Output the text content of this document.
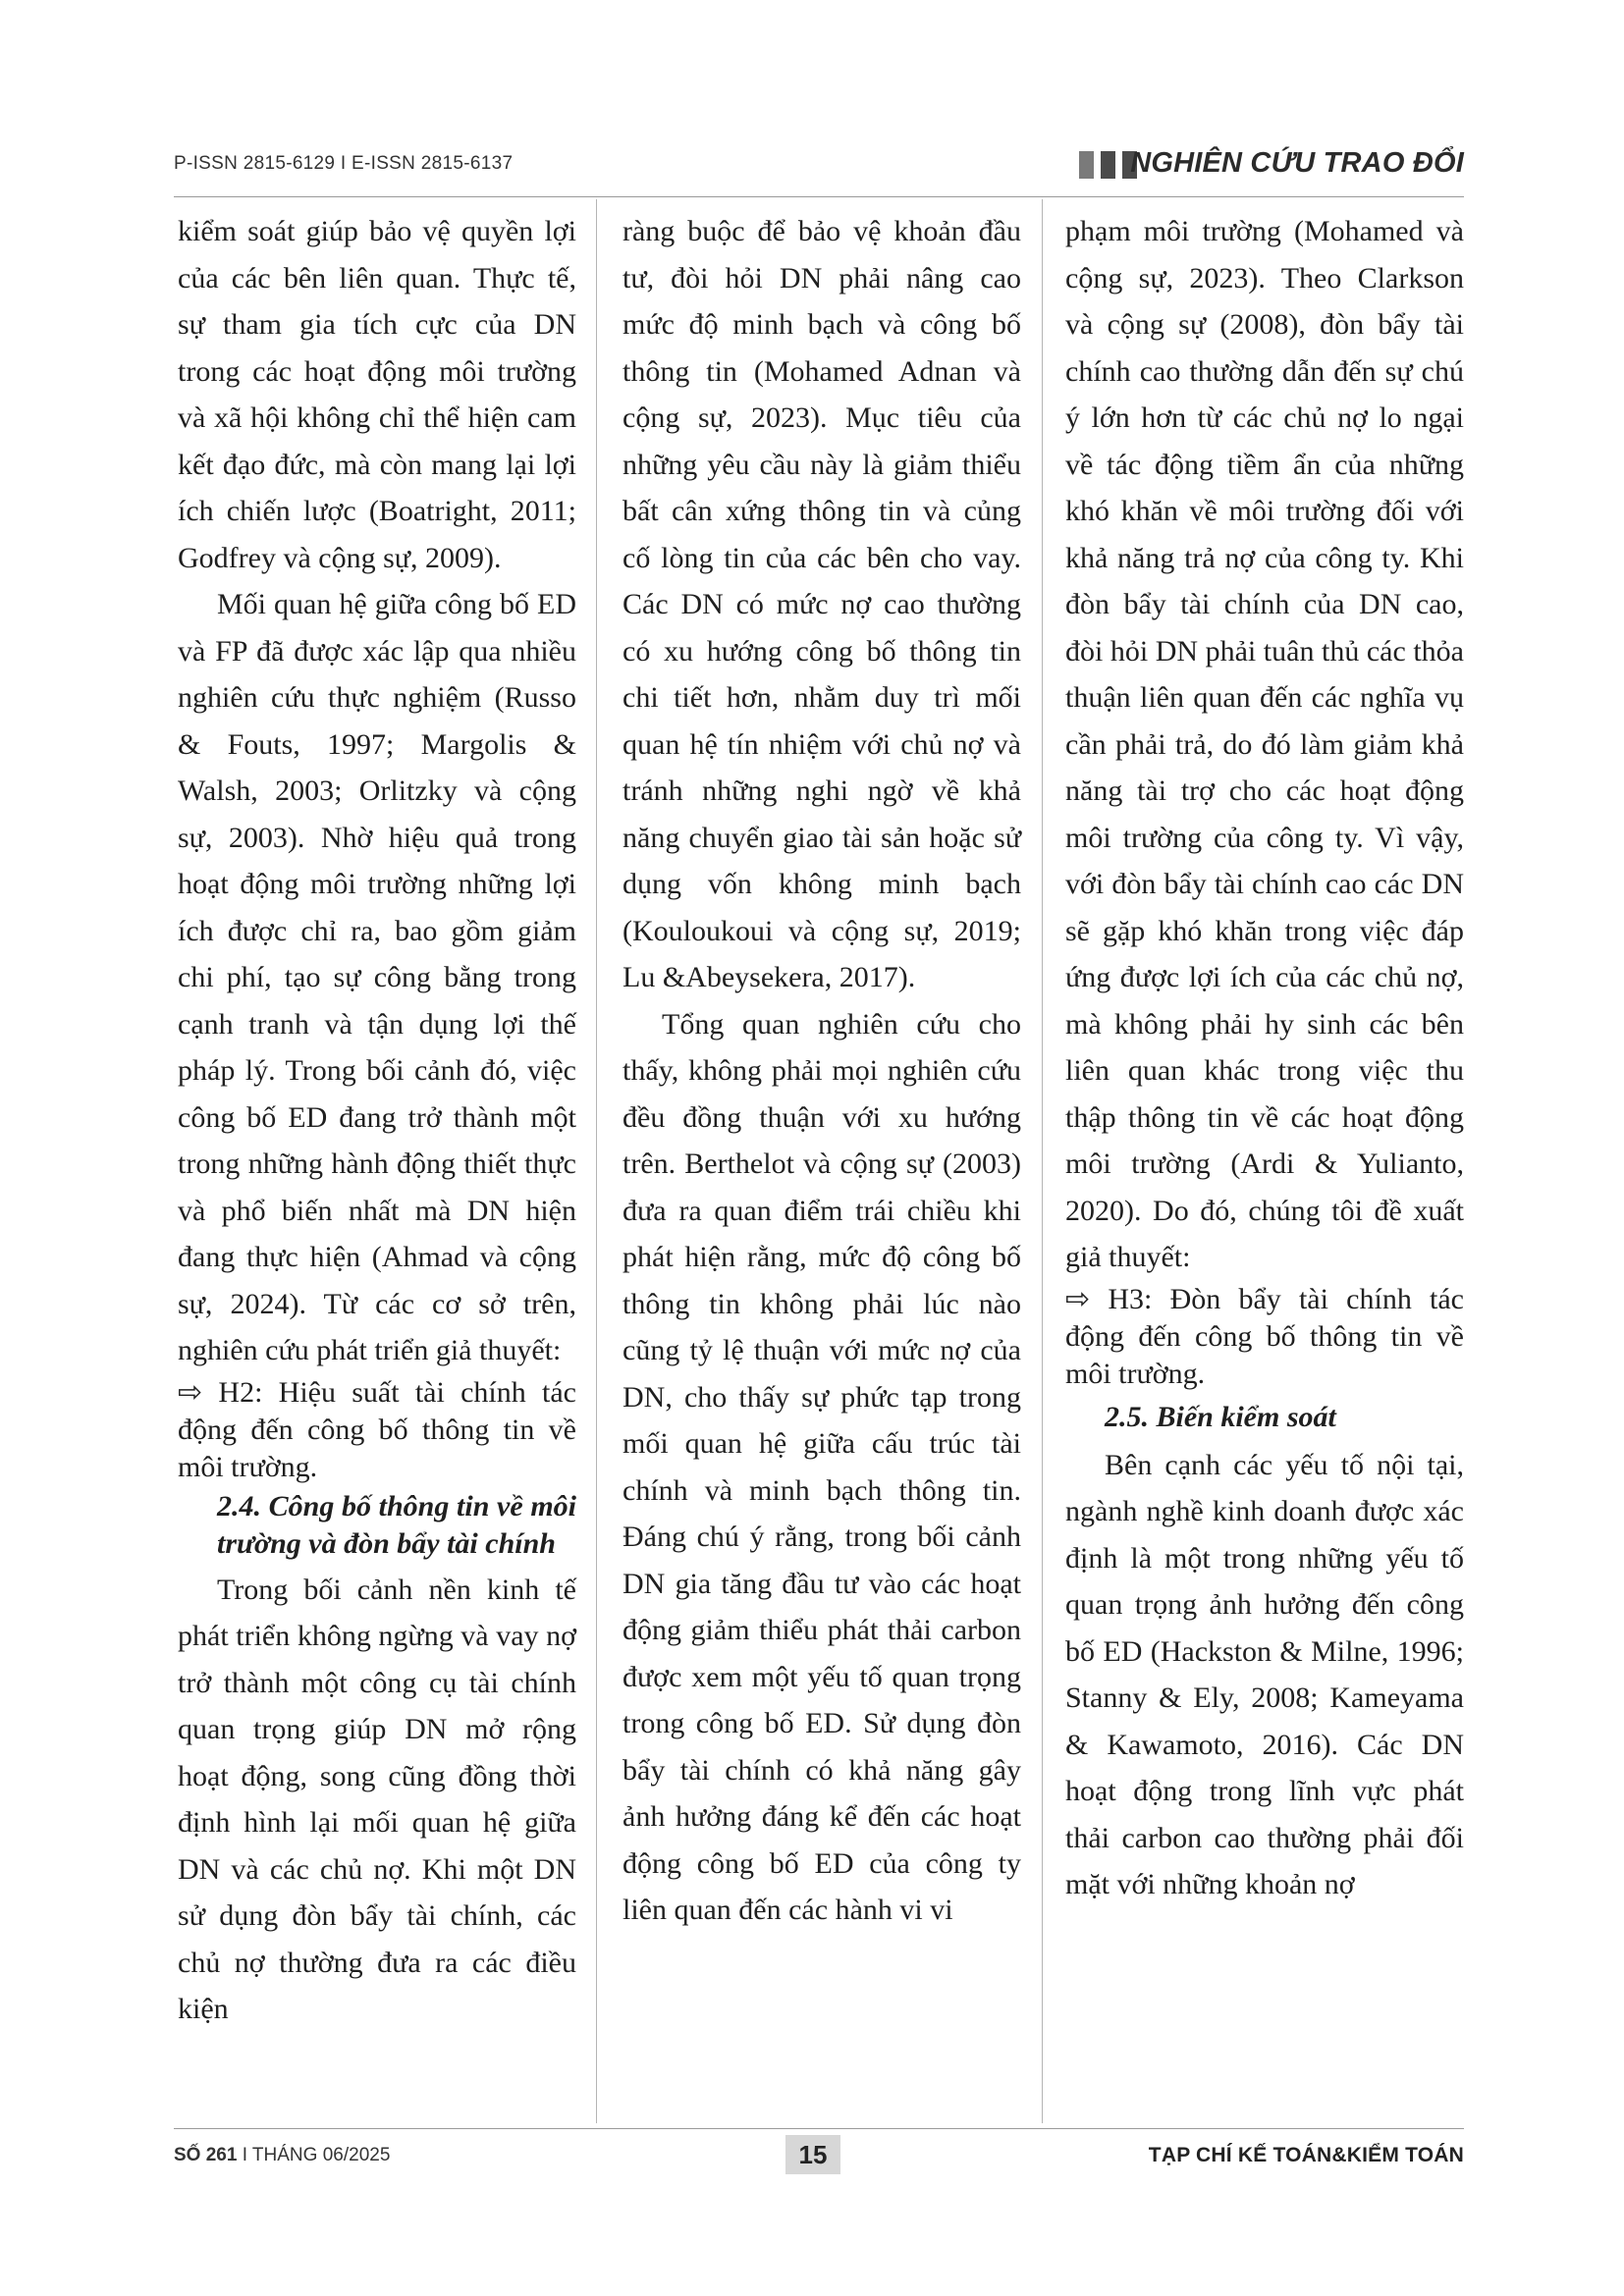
P-ISSN 2815-6129 I E-ISSN 2815-6137	NGHIÊN CỨU TRAO ĐỔI

kiểm soát giúp bảo vệ quyền lợi của các bên liên quan. Thực tế, sự tham gia tích cực của DN trong các hoạt động môi trường và xã hội không chỉ thể hiện cam kết đạo đức, mà còn mang lại lợi ích chiến lược (Boatright, 2011; Godfrey và cộng sự, 2009).

Mối quan hệ giữa công bố ED và FP đã được xác lập qua nhiều nghiên cứu thực nghiệm (Russo & Fouts, 1997; Margolis & Walsh, 2003; Orlitzky và cộng sự, 2003). Nhờ hiệu quả trong hoạt động môi trường những lợi ích được chỉ ra, bao gồm giảm chi phí, tạo sự công bằng trong cạnh tranh và tận dụng lợi thế pháp lý. Trong bối cảnh đó, việc công bố ED đang trở thành một trong những hành động thiết thực và phổ biến nhất mà DN hiện đang thực hiện (Ahmad và cộng sự, 2024). Từ các cơ sở trên, nghiên cứu phát triển giả thuyết:

⇨ H2: Hiệu suất tài chính tác động đến công bố thông tin về môi trường.

2.4. Công bố thông tin về môi trường và đòn bẩy tài chính

Trong bối cảnh nền kinh tế phát triển không ngừng và vay nợ trở thành một công cụ tài chính quan trọng giúp DN mở rộng hoạt động, song cũng đồng thời định hình lại mối quan hệ giữa DN và các chủ nợ. Khi một DN sử dụng đòn bẩy tài chính, các chủ nợ thường đưa ra các điều kiện

ràng buộc để bảo vệ khoản đầu tư, đòi hỏi DN phải nâng cao mức độ minh bạch và công bố thông tin (Mohamed Adnan và cộng sự, 2023). Mục tiêu của những yêu cầu này là giảm thiểu bất cân xứng thông tin và củng cố lòng tin của các bên cho vay. Các DN có mức nợ cao thường có xu hướng công bố thông tin chi tiết hơn, nhằm duy trì mối quan hệ tín nhiệm với chủ nợ và tránh những nghi ngờ về khả năng chuyển giao tài sản hoặc sử dụng vốn không minh bạch (Kouloukoui và cộng sự, 2019; Lu &Abeysekera, 2017).

Tổng quan nghiên cứu cho thấy, không phải mọi nghiên cứu đều đồng thuận với xu hướng trên. Berthelot và cộng sự (2003) đưa ra quan điểm trái chiều khi phát hiện rằng, mức độ công bố thông tin không phải lúc nào cũng tỷ lệ thuận với mức nợ của DN, cho thấy sự phức tạp trong mối quan hệ giữa cấu trúc tài chính và minh bạch thông tin. Đáng chú ý rằng, trong bối cảnh DN gia tăng đầu tư vào các hoạt động giảm thiểu phát thải carbon được xem một yếu tố quan trọng trong công bố ED. Sử dụng đòn bẩy tài chính có khả năng gây ảnh hưởng đáng kể đến các hoạt động công bố ED của công ty liên quan đến các hành vi vi

phạm môi trường (Mohamed và cộng sự, 2023). Theo Clarkson và cộng sự (2008), đòn bẩy tài chính cao thường dẫn đến sự chú ý lớn hơn từ các chủ nợ lo ngại về tác động tiềm ẩn của những khó khăn về môi trường đối với khả năng trả nợ của công ty. Khi đòn bẩy tài chính của DN cao, đòi hỏi DN phải tuân thủ các thỏa thuận liên quan đến các nghĩa vụ cần phải trả, do đó làm giảm khả năng tài trợ cho các hoạt động môi trường của công ty. Vì vậy, với đòn bẩy tài chính cao các DN sẽ gặp khó khăn trong việc đáp ứng được lợi ích của các chủ nợ, mà không phải hy sinh các bên liên quan khác trong việc thu thập thông tin về các hoạt động môi trường (Ardi & Yulianto, 2020). Do đó, chúng tôi đề xuất giả thuyết:

⇨ H3: Đòn bẩy tài chính tác động đến công bố thông tin về môi trường.

2.5. Biến kiểm soát

Bên cạnh các yếu tố nội tại, ngành nghề kinh doanh được xác định là một trong những yếu tố quan trọng ảnh hưởng đến công bố ED (Hackston & Milne, 1996; Stanny & Ely, 2008; Kameyama & Kawamoto, 2016). Các DN hoạt động trong lĩnh vực phát thải carbon cao thường phải đối mặt với những khoản nợ

SỐ 261 I THÁNG 06/2025	15	TẠP CHÍ KẾ TOÁN&KIỂM TOÁN
